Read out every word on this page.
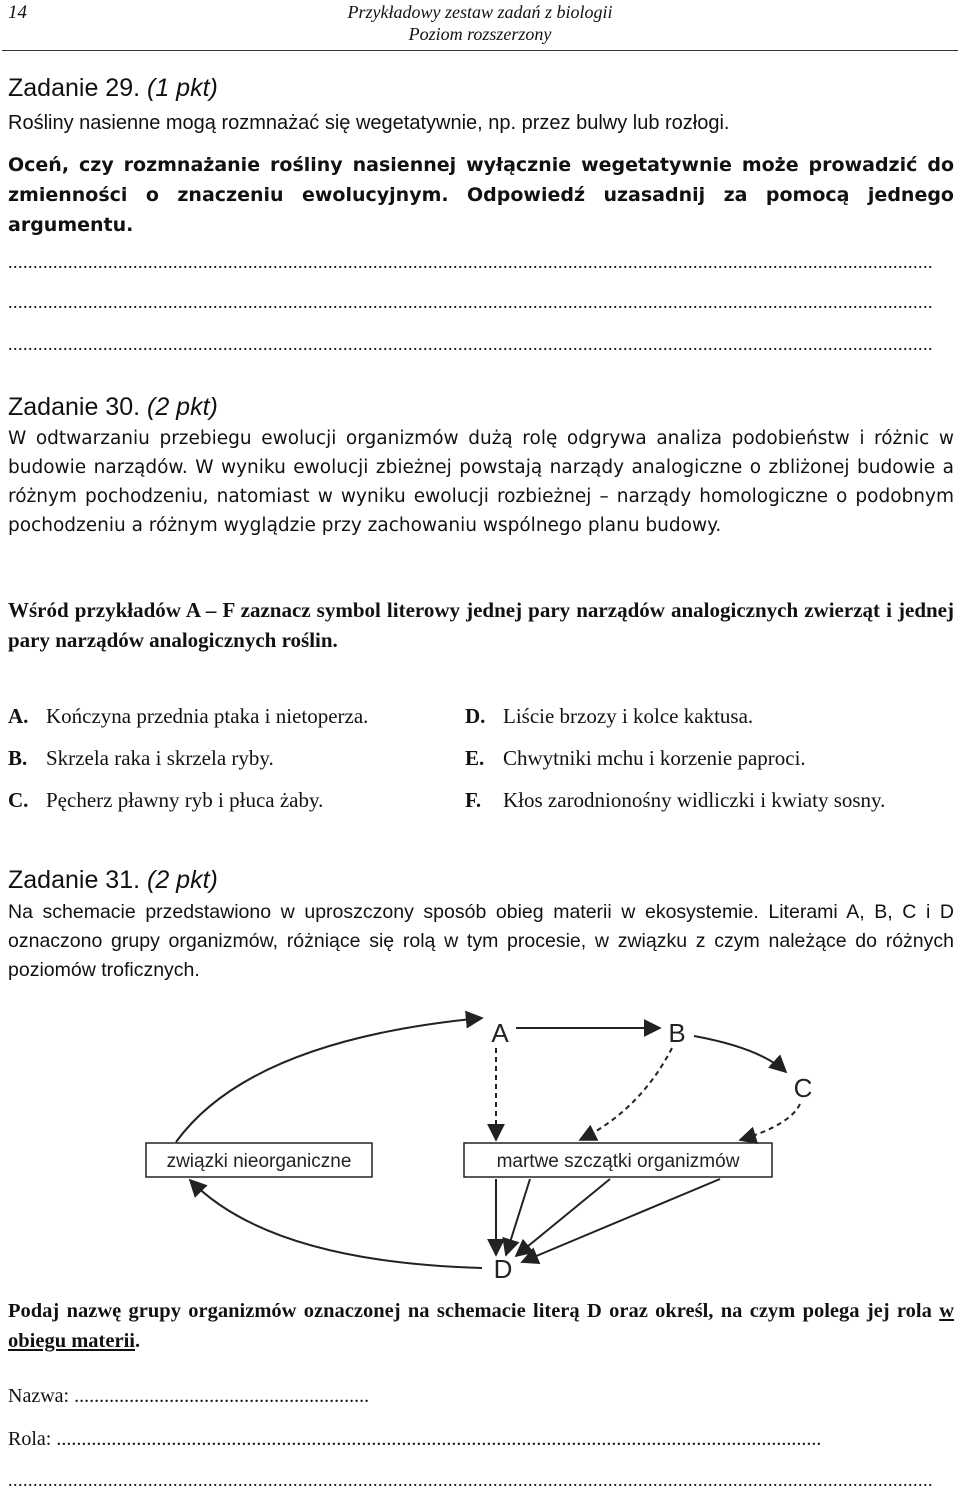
14	Przykładowy zestaw zadań z biologii
Poziom rozszerzony
Zadanie 29. (1 pkt)
Rośliny nasienne mogą rozmnażać się wegetatywnie, np. przez bulwy lub rozłogi.
Oceń, czy rozmnażanie rośliny nasiennej wyłącznie wegetatywnie może prowadzić do zmienności o znaczeniu ewolucyjnym. Odpowiedź uzasadnij za pomocą jednego argumentu.
.........................................................................................................................................................................................
.........................................................................................................................................................................................
.........................................................................................................................................................................................
Zadanie 30. (2 pkt)
W odtwarzaniu przebiegu ewolucji organizmów dużą rolę odgrywa analiza podobieństw i różnic w budowie narządów. W wyniku ewolucji zbieżnej powstają narządy analogiczne o zbliżonej budowie a różnym pochodzeniu, natomiast w wyniku ewolucji rozbieżnej – narządy homologiczne o podobnym pochodzeniu a różnym wyglądzie przy zachowaniu wspólnego planu budowy.
Wśród przykładów A – F zaznacz symbol literowy jednej pary narządów analogicznych zwierząt i jednej pary narządów analogicznych roślin.
A. Kończyna przednia ptaka i nietoperza.
B. Skrzela raka i skrzela ryby.
C. Pęcherz pławny ryb i płuca żaby.
D. Liście brzozy i kolce kaktusa.
E. Chwytniki mchu i korzenie paproci.
F. Kłos zarodnionośny widliczki i kwiaty sosny.
Zadanie 31. (2 pkt)
Na schemacie przedstawiono w uproszczony sposób obieg materii w ekosystemie. Literami A, B, C i D oznaczono grupy organizmów, różniące się rolą w tym procesie, w związku z czym należące do różnych poziomów troficznych.
związki nieorganiczne	martwe szczątki organizmów
A	B
C
D
Podaj nazwę grupy organizmów oznaczonej na schemacie literą D oraz określ, na czym polega jej rola w obiegu materii.
Nazwa: ...........................................................
Rola: .........................................................................................................................................................
.........................................................................................................................................................................................
